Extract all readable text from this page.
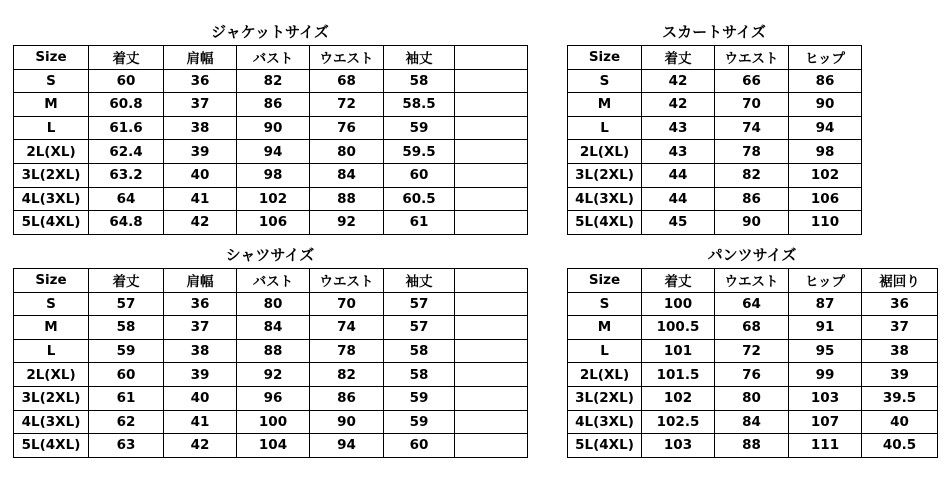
ジャケットサイズ
Size	着丈	肩幅	バスト	ウエスト	袖丈	
S	60	36	82	68	58	
M	60.8	37	86	72	58.5	
L	61.6	38	90	76	59	
2L(XL)	62.4	39	94	80	59.5	
3L(2XL)	63.2	40	98	84	60	
4L(3XL)	64	41	102	88	60.5	
5L(4XL)	64.8	42	106	92	61	
スカートサイズ
Size	着丈	ウエスト	ヒップ
S	42	66	86
M	42	70	90
L	43	74	94
2L(XL)	43	78	98
3L(2XL)	44	82	102
4L(3XL)	44	86	106
5L(4XL)	45	90	110
シャツサイズ
Size	着丈	肩幅	バスト	ウエスト	袖丈	
S	57	36	80	70	57	
M	58	37	84	74	57	
L	59	38	88	78	58	
2L(XL)	60	39	92	82	58	
3L(2XL)	61	40	96	86	59	
4L(3XL)	62	41	100	90	59	
5L(4XL)	63	42	104	94	60	
パンツサイズ
Size	着丈	ウエスト	ヒップ	裾回り
S	100	64	87	36
M	100.5	68	91	37
L	101	72	95	38
2L(XL)	101.5	76	99	39
3L(2XL)	102	80	103	39.5
4L(3XL)	102.5	84	107	40
5L(4XL)	103	88	111	40.5
